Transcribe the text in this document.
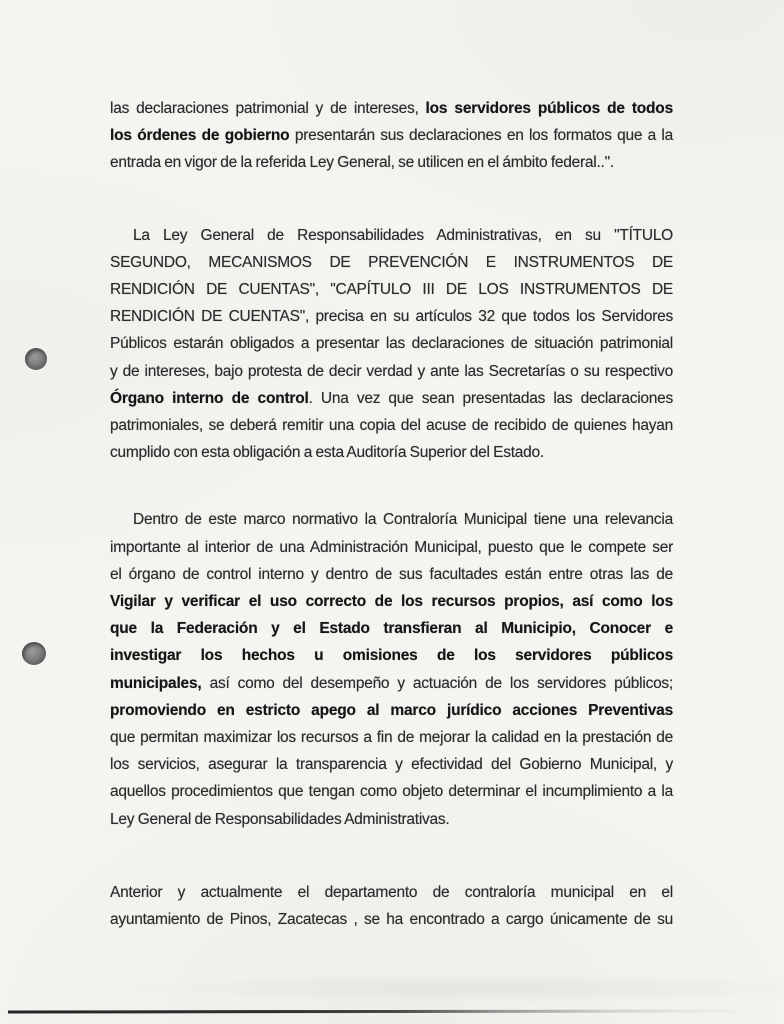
las declaraciones patrimonial y de intereses, los servidores públicos de todos
los órdenes de gobierno presentarán sus declaraciones en los formatos que a la
entrada en vigor de la referida Ley General, se utilicen en el ámbito federal..".
La Ley General de Responsabilidades Administrativas, en su "TÍTULO
SEGUNDO, MECANISMOS DE PREVENCIÓN E INSTRUMENTOS DE
RENDICIÓN DE CUENTAS", "CAPÍTULO III DE LOS INSTRUMENTOS DE
RENDICIÓN DE CUENTAS", precisa en su artículos 32 que todos los Servidores
Públicos estarán obligados a presentar las declaraciones de situación patrimonial
y de intereses, bajo protesta de decir verdad y ante las Secretarías o su respectivo
Órgano interno de control. Una vez que sean presentadas las declaraciones
patrimoniales, se deberá remitir una copia del acuse de recibido de quienes hayan
cumplido con esta obligación a esta Auditoría Superior del Estado.
Dentro de este marco normativo la Contraloría Municipal tiene una relevancia
importante al interior de una Administración Municipal, puesto que le compete ser
el órgano de control interno y dentro de sus facultades están entre otras las de
Vigilar y verificar el uso correcto de los recursos propios, así como los
que la Federación y el Estado transfieran al Municipio, Conocer e
investigar los hechos u omisiones de los servidores públicos
municipales, así como del desempeño y actuación de los servidores públicos;
promoviendo en estricto apego al marco jurídico acciones Preventivas
que permitan maximizar los recursos a fin de mejorar la calidad en la prestación de
los servicios, asegurar la transparencia y efectividad del Gobierno Municipal, y
aquellos procedimientos que tengan como objeto determinar el incumplimiento a la
Ley General de Responsabilidades Administrativas.
Anterior y actualmente el departamento de contraloría municipal en el
ayuntamiento de Pinos, Zacatecas , se ha encontrado a cargo únicamente de su
